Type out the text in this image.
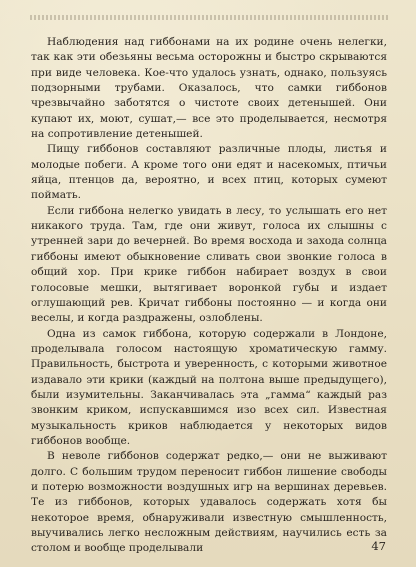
Наблюдения над гиббонами на их родине очень нелегки, так как эти обезьяны весьма осторожны и быстро скрываются при виде человека. Кое-что удалось узнать, однако, пользуясь подзорными трубами. Оказалось, что самки гиббонов чрезвычайно заботятся о чистоте своих детенышей. Они купают их, моют, сушат,— все это проделывается, несмотря на сопротивление детенышей.

Пищу гиббонов составляют различные плоды, листья и молодые побеги. А кроме того они едят и насекомых, птичьи яйца, птенцов да, вероятно, и всех птиц, которых сумеют поймать.

Если гиббона нелегко увидать в лесу, то услышать его нет никакого труда. Там, где они живут, голоса их слышны с утренней зари до вечерней. Во время восхода и захода солнца гиббоны имеют обыкновение сливать свои звонкие голоса в общий хор. При крике гиббон набирает воздух в свои голосовые мешки, вытягивает воронкой губы и издает оглушающий рев. Кричат гиббоны постоянно — и когда они веселы, и когда раздражены, озлоблены.

Одна из самок гиббона, которую содержали в Лондоне, проделывала голосом настоящую хроматическую гамму. Правильность, быстрота и уверенность, с которыми животное издавало эти крики (каждый на полтона выше предыдущего), были изумительны. Заканчивалась эта „гамма“ каждый раз звонким криком, испускавшимся изо всех сил. Известная музыкальность криков наблюдается у некоторых видов гиббонов вообще.

В неволе гиббонов содержат редко,— они не выживают долго. С большим трудом переносит гиббон лишение свободы и потерю возможности воздушных игр на вершинах деревьев. Те из гиббонов, которых удавалось содержать хотя бы некоторое время, обнаруживали известную смышленность, выучивались легко несложным действиям, научились есть за столом и вообще проделывали	47
